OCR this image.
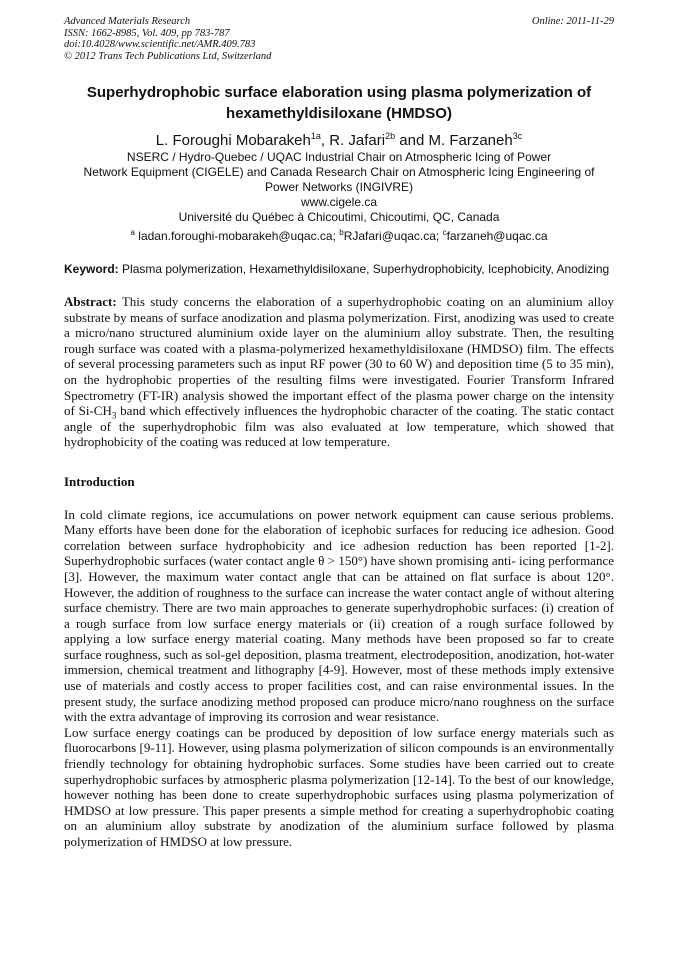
Advanced Materials Research
ISSN: 1662-8985, Vol. 409, pp 783-787
doi:10.4028/www.scientific.net/AMR.409.783
© 2012 Trans Tech Publications Ltd, Switzerland
Online: 2011-11-29
Superhydrophobic surface elaboration using plasma polymerization of
hexamethyldisiloxane (HMDSO)
L. Foroughi Mobarakeh$^{1a}$, R. Jafari$^{2b}$ and M. Farzaneh$^{3c}$
NSERC / Hydro-Quebec / UQAC Industrial Chair on Atmospheric Icing of Power
Network Equipment (CIGELE) and Canada Research Chair on Atmospheric Icing Engineering of
Power Networks (INGIVRE)
www.cigele.ca
Université du Québec à Chicoutimi, Chicoutimi, QC, Canada
$^a$ ladan.foroughi-mobarakeh@uqac.ca; $^b$RJafari@uqac.ca; $^c$farzaneh@uqac.ca
Keyword: Plasma polymerization, Hexamethyldisiloxane, Superhydrophobicity, Icephobicity, Anodizing

Abstract: This study concerns the elaboration of a superhydrophobic coating on an aluminium alloy substrate by means of surface anodization and plasma polymerization. First, anodizing was used to create a micro/nano structured aluminium oxide layer on the aluminium alloy substrate. Then, the resulting rough surface was coated with a plasma-polymerized hexamethyldisiloxane (HMDSO) film. The effects of several processing parameters such as input RF power (30 to 60 W) and deposition time (5 to 35 min), on the hydrophobic properties of the resulting films were investigated. Fourier Transform Infrared Spectrometry (FT-IR) analysis showed the important effect of the plasma power charge on the intensity of $Si-CH_3$ band which effectively influences the hydrophobic character of the coating. The static contact angle of the superhydrophobic film was also evaluated at low temperature, which showed that hydrophobicity of the coating was reduced at low temperature.

Introduction

In cold climate regions, ice accumulations on power network equipment can cause serious problems. Many efforts have been done for the elaboration of icephobic surfaces for reducing ice adhesion. Good correlation between surface hydrophobicity and ice adhesion reduction has been reported [1-2]. Superhydrophobic surfaces (water contact angle θ > 150°) have shown promising anti- icing performance [3]. However, the maximum water contact angle that can be attained on flat surface is about 120°. However, the addition of roughness to the surface can increase the water contact angle of without altering surface chemistry. There are two main approaches to generate superhydrophobic surfaces: (i) creation of a rough surface from low surface energy materials or (ii) creation of a rough surface followed by applying a low surface energy material coating. Many methods have been proposed so far to create surface roughness, such as sol-gel deposition, plasma treatment, electrodeposition, anodization, hot-water immersion, chemical treatment and lithography [4-9]. However, most of these methods imply extensive use of materials and costly access to proper facilities cost, and can raise environmental issues. In the present study, the surface anodizing method proposed can produce micro/nano roughness on the surface with the extra advantage of improving its corrosion and wear resistance.

Low surface energy coatings can be produced by deposition of low surface energy materials such as fluorocarbons [9-11]. However, using plasma polymerization of silicon compounds is an environmentally friendly technology for obtaining hydrophobic surfaces. Some studies have been carried out to create superhydrophobic surfaces by atmospheric plasma polymerization [12-14]. To the best of our knowledge, however nothing has been done to create superhydrophobic surfaces using plasma polymerization of HMDSO at low pressure. This paper presents a simple method for creating a superhydrophobic coating on an aluminium alloy substrate by anodization of the aluminium surface followed by plasma polymerization of HMDSO at low pressure.
